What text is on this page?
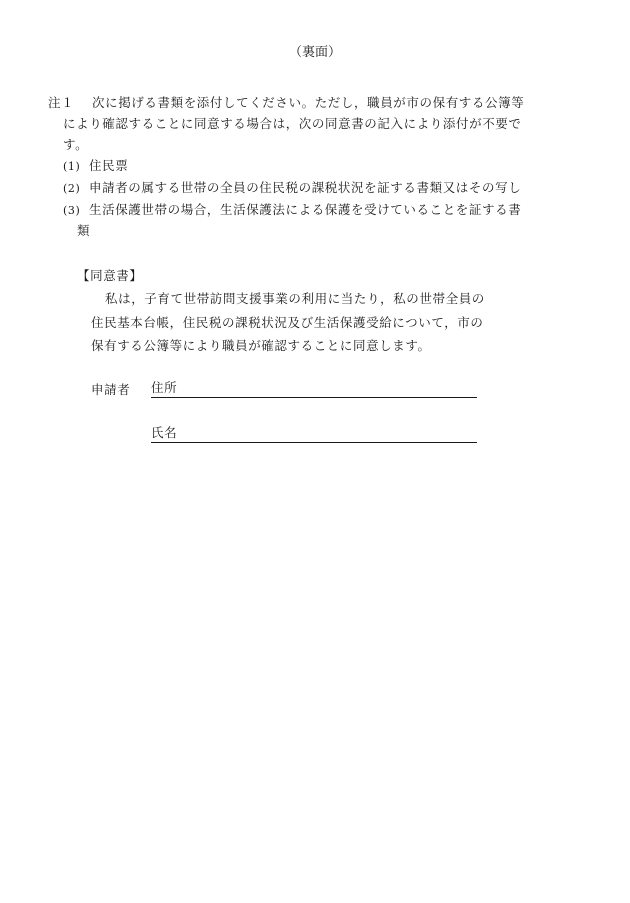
（裏面）
注１ 次に掲げる書類を添付してください。ただし，職員が市の保有する公簿等
により確認することに同意する場合は，次の同意書の記入により添付が不要で
す。
(1) 住民票
(2) 申請者の属する世帯の全員の住民税の課税状況を証する書類又はその写し
(3) 生活保護世帯の場合，生活保護法による保護を受けていることを証する書
類
【同意書】
私は，子育て世帯訪問支援事業の利用に当たり，私の世帯全員の
住民基本台帳，住民税の課税状況及び生活保護受給について，市の
保有する公簿等により職員が確認することに同意します。
申請者 住所
氏名
